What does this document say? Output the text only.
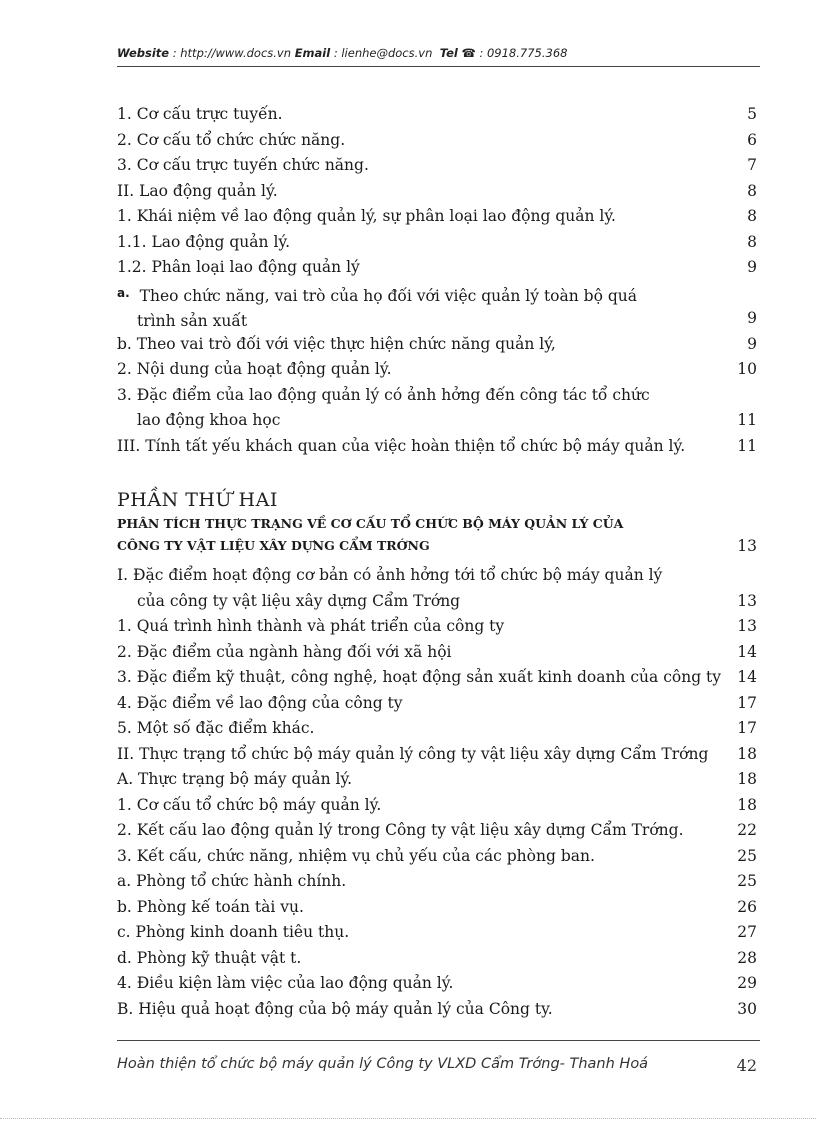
Website : http://www.docs.vn Email : lienhe@docs.vn Tel ☎ : 0918.775.368
1. Cơ cấu trực tuyến.	5
2. Cơ cấu tổ chức chức năng.	6
3. Cơ cấu trực tuyến chức năng.	7
II. Lao động quản lý.	8
1. Khái niệm về lao động quản lý, sự phân loại lao động quản lý.	8
1.1. Lao động quản lý.	8
1.2. Phân loại lao động quản lý	9
$^{a.}$ Theo chức năng, vai trò của họ đối với việc quản lý toàn bộ quá
trình sản xuất	9
b. Theo vai trò đối với việc thực hiện chức năng quản lý,	9
2. Nội dung của hoạt động quản lý.	10
3. Đặc điểm của lao động quản lý có ảnh hởng đến công tác tổ chức
lao động khoa học	11
III. Tính tất yếu khách quan của việc hoàn thiện tổ chức bộ máy quản lý.	11
PHẦN THỨ HAI
PHÂN TÍCH THỰC TRẠNG VỀ CƠ CẤU TỔ CHỨC BỘ MÁY QUẢN LÝ CỦA
CÔNG TY VẬT LIỆU XÂY DỰNG CẨM TRỚNG	13
I. Đặc điểm hoạt động cơ bản có ảnh hởng tới tổ chức bộ máy quản lý
của công ty vật liệu xây dựng Cẩm Trớng	13
1. Quá trình hình thành và phát triển của công ty	13
2. Đặc điểm của ngành hàng đối với xã hội	14
3. Đặc điểm kỹ thuật, công nghệ, hoạt động sản xuất kinh doanh của công ty 14
4. Đặc điểm về lao động của công ty	17
5. Một số đặc điểm khác.	17
II. Thực trạng tổ chức bộ máy quản lý công ty vật liệu xây dựng Cẩm Trớng 18
A. Thực trạng bộ máy quản lý.	18
1. Cơ cấu tổ chức bộ máy quản lý.	18
2. Kết cấu lao động quản lý trong Công ty vật liệu xây dựng Cẩm Trớng.	22
3. Kết cấu, chức năng, nhiệm vụ chủ yếu của các phòng ban.	25
a. Phòng tổ chức hành chính.	25
b. Phòng kế toán tài vụ.	26
c. Phòng kinh doanh tiêu thụ.	27
d. Phòng kỹ thuật vật t.	28
4. Điều kiện làm việc của lao động quản lý.	29
B. Hiệu quả hoạt động của bộ máy quản lý của Công ty.	30
Hoàn thiện tổ chức bộ máy quản lý Công ty VLXD Cẩm Trớng- Thanh Hoá	42
